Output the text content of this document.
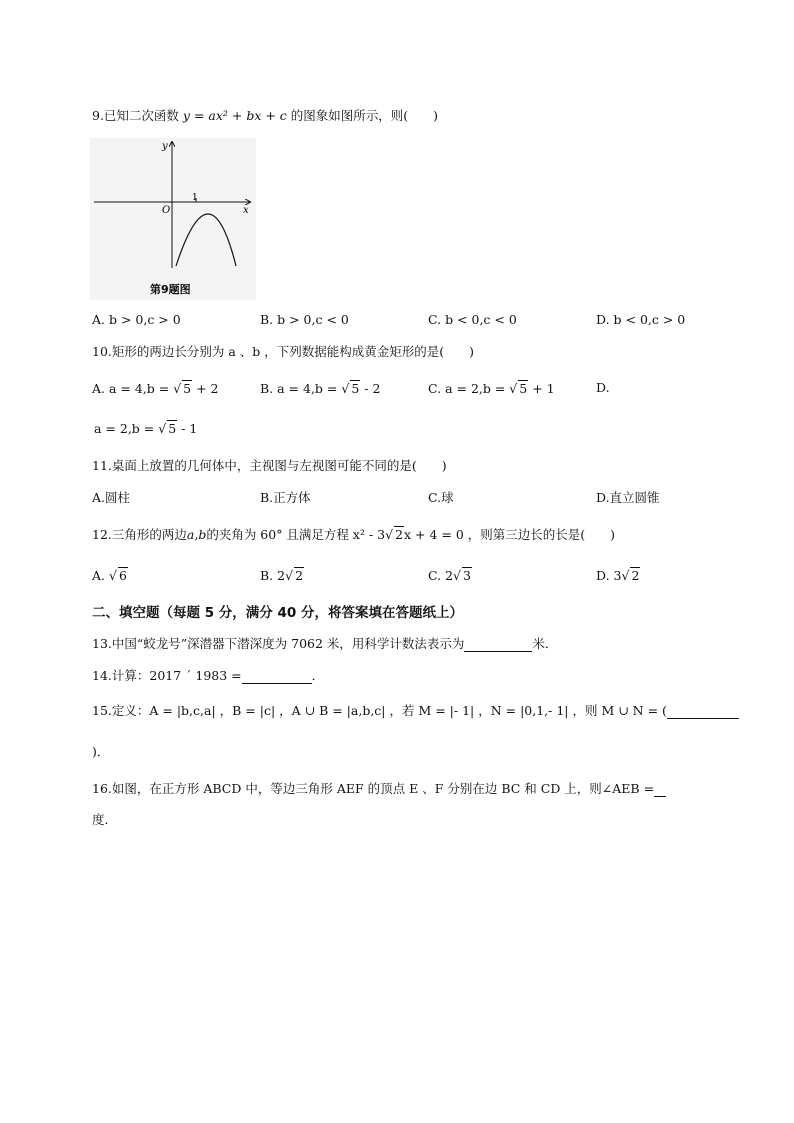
9.已知二次函数 y = ax² + bx + c 的图象如图所示，则(　　)
y
x
O
1
第9题图
A. b > 0,c > 0	B. b > 0,c < 0	C. b < 0,c < 0	D. b < 0,c > 0
10.矩形的两边长分别为 a 、b ，下列数据能构成黄金矩形的是(　　)
A. a = 4,b = √ 5 + 2	B. a = 4,b = √ 5 - 2	C. a = 2,b = √ 5 + 1	D.
a = 2,b = √ 5 - 1
11.桌面上放置的几何体中，主视图与左视图可能不同的是(　　)
A.圆柱	B.正方体	C.球	D.直立圆锥
12.三角形的两边a,b的夹角为 60° 且满足方程 x² - 3√ 2x + 4 = 0 ，则第三边长的长是(　　)
A. √ 6	B. 2√ 2	C. 2√ 3	D. 3√ 2
二、填空题（每题 5 分，满分 40 分，将答案填在答题纸上）
13.中国“蛟龙号”深潜器下潜深度为 7062 米，用科学计数法表示为	米．
14.计算：2017 ´ 1983 =	．
15.定义：A = |b,c,a| ，B = |c| ，A ∪ B = |a,b,c| ，若 M = |- 1| ，N = |0,1,- 1| ，则 M ∪ N = (
)．
16.如图，在正方形 ABCD 中，等边三角形 AEF 的顶点 E 、F 分别在边 BC 和 CD 上，则∠AEB =
度．
